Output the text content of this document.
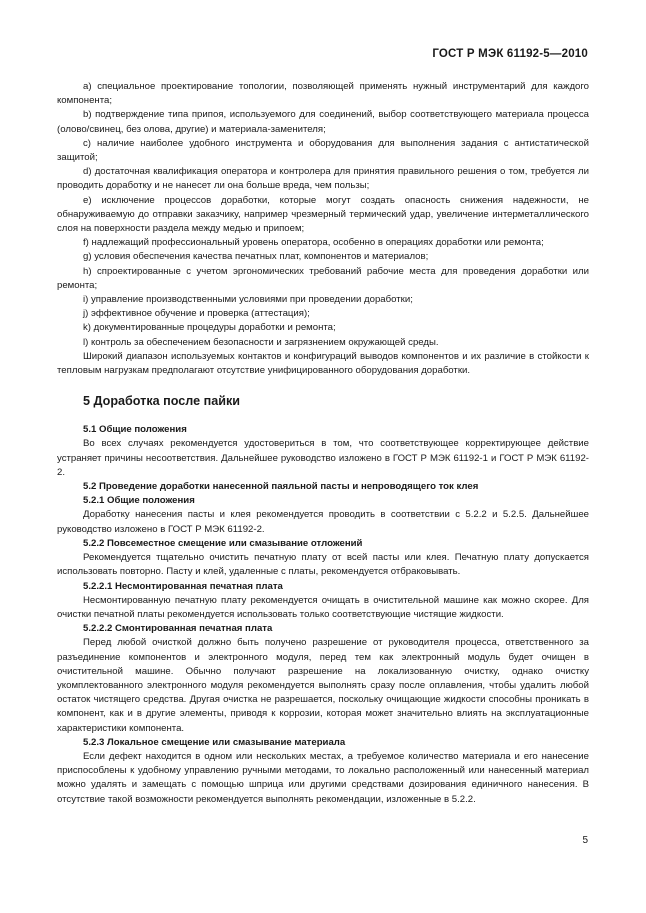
ГОСТ Р МЭК 61192-5—2010

а) специальное проектирование топологии, позволяющей применять нужный инструментарий для каждого компонента;

b) подтверждение типа припоя, используемого для соединений, выбор соответствующего материала процесса (олово/свинец, без олова, другие) и материала-заменителя;

c) наличие наиболее удобного инструмента и оборудования для выполнения задания с антистатической защитой;

d) достаточная квалификация оператора и контролера для принятия правильного решения о том, требуется ли проводить доработку и не нанесет ли она больше вреда, чем пользы;

e) исключение процессов доработки, которые могут создать опасность снижения надежности, не обнаруживаемую до отправки заказчику, например чрезмерный термический удар, увеличение интерметаллического слоя на поверхности раздела между медью и припоем;

f) надлежащий профессиональный уровень оператора, особенно в операциях доработки или ремонта;

g) условия обеспечения качества печатных плат, компонентов и материалов;

h) спроектированные с учетом эргономических требований рабочие места для проведения доработки или ремонта;

i) управление производственными условиями при проведении доработки;

j) эффективное обучение и проверка (аттестация);

k) документированные процедуры доработки и ремонта;

l) контроль за обеспечением безопасности и загрязнением окружающей среды.

Широкий диапазон используемых контактов и конфигураций выводов компонентов и их различие в стойкости к тепловым нагрузкам предполагают отсутствие унифицированного оборудования доработки.

5 Доработка после пайки

5.1 Общие положения

Во всех случаях рекомендуется удостовериться в том, что соответствующее корректирующее действие устраняет причины несоответствия. Дальнейшее руководство изложено в ГОСТ Р МЭК 61192-1 и ГОСТ Р МЭК 61192-2.

5.2 Проведение доработки нанесенной паяльной пасты и непроводящего ток клея

5.2.1 Общие положения

Доработку нанесения пасты и клея рекомендуется проводить в соответствии с 5.2.2 и 5.2.5. Дальнейшее руководство изложено в ГОСТ Р МЭК 61192-2.

5.2.2 Повсеместное смещение или смазывание отложений

Рекомендуется тщательно очистить печатную плату от всей пасты или клея. Печатную плату допускается использовать повторно. Пасту и клей, удаленные с платы, рекомендуется отбраковывать.

5.2.2.1 Несмонтированная печатная плата

Несмонтированную печатную плату рекомендуется очищать в очистительной машине как можно скорее. Для очистки печатной платы рекомендуется использовать только соответствующие чистящие жидкости.

5.2.2.2 Смонтированная печатная плата

Перед любой очисткой должно быть получено разрешение от руководителя процесса, ответственного за разъединение компонентов и электронного модуля, перед тем как электронный модуль будет очищен в очистительной машине. Обычно получают разрешение на локализованную очистку, однако очистку укомплектованного электронного модуля рекомендуется выполнять сразу после оплавления, чтобы удалить любой остаток чистящего средства. Другая очистка не разрешается, поскольку очищающие жидкости способны проникать в компонент, как и в другие элементы, приводя к коррозии, которая может значительно влиять на эксплуатационные характеристики компонента.

5.2.3 Локальное смещение или смазывание материала

Если дефект находится в одном или нескольких местах, а требуемое количество материала и его нанесение приспособлены к удобному управлению ручными методами, то локально расположенный или нанесенный материал можно удалять и замещать с помощью шприца или другими средствами дозирования единичного нанесения. В отсутствие такой возможности рекомендуется выполнять рекомендации, изложенные в 5.2.2.

5
